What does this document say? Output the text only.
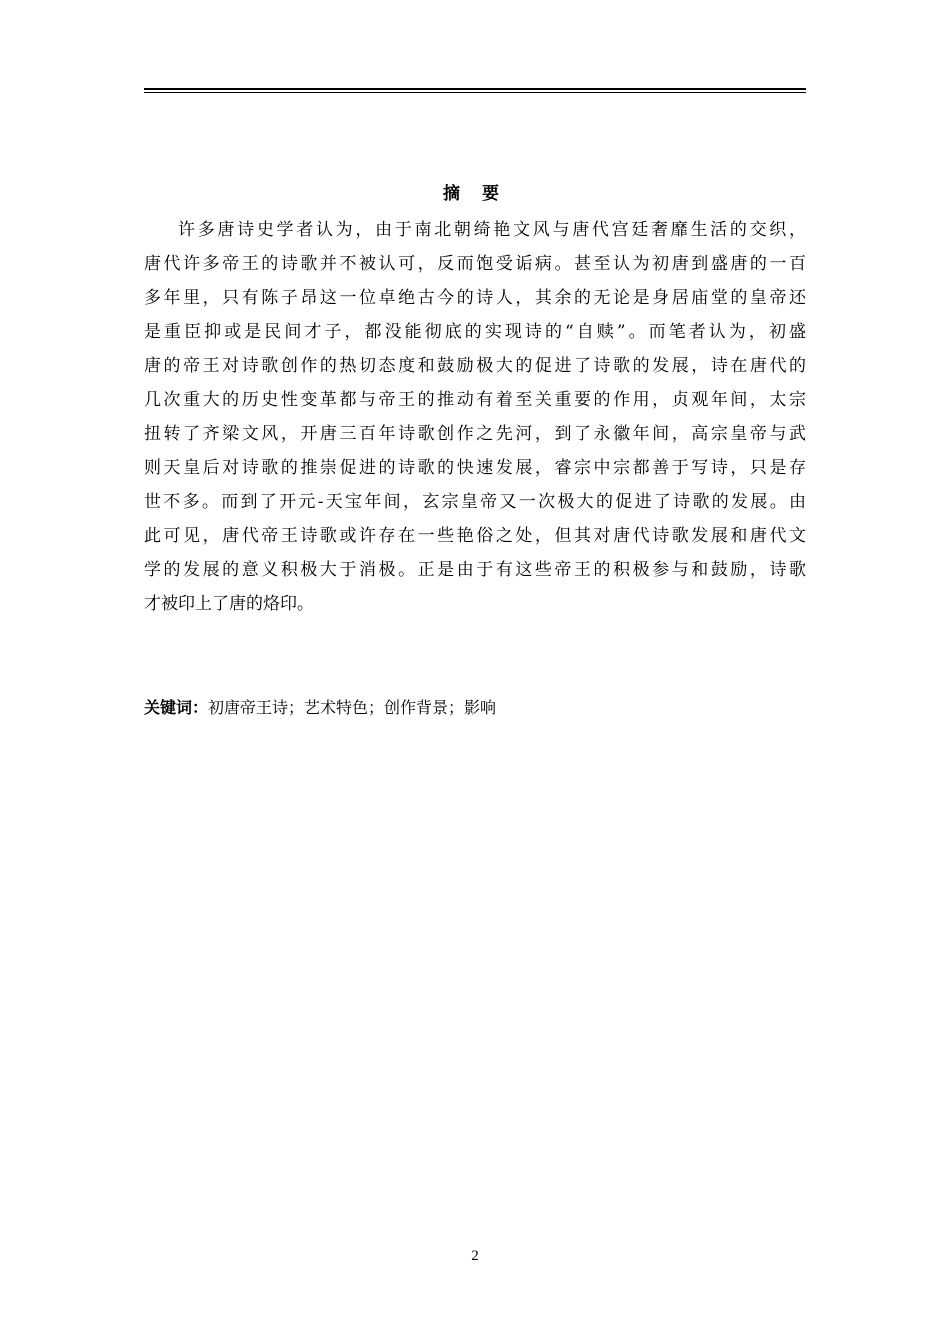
摘 要
许多唐诗史学者认为，由于南北朝绮艳文风与唐代宫廷奢靡生活的交织，
唐代许多帝王的诗歌并不被认可，反而饱受诟病。甚至认为初唐到盛唐的一百
多年里，只有陈子昂这一位卓绝古今的诗人，其余的无论是身居庙堂的皇帝还
是重臣抑或是民间才子，都没能彻底的实现诗的“自赎”。而笔者认为，初盛
唐的帝王对诗歌创作的热切态度和鼓励极大的促进了诗歌的发展，诗在唐代的
几次重大的历史性变革都与帝王的推动有着至关重要的作用，贞观年间，太宗
扭转了齐梁文风，开唐三百年诗歌创作之先河，到了永徽年间，高宗皇帝与武
则天皇后对诗歌的推崇促进的诗歌的快速发展，睿宗中宗都善于写诗，只是存
世不多。而到了开元-天宝年间，玄宗皇帝又一次极大的促进了诗歌的发展。由
此可见，唐代帝王诗歌或许存在一些艳俗之处，但其对唐代诗歌发展和唐代文
学的发展的意义积极大于消极。正是由于有这些帝王的积极参与和鼓励，诗歌
才被印上了唐的烙印。
关键词：初唐帝王诗；艺术特色；创作背景；影响
2
